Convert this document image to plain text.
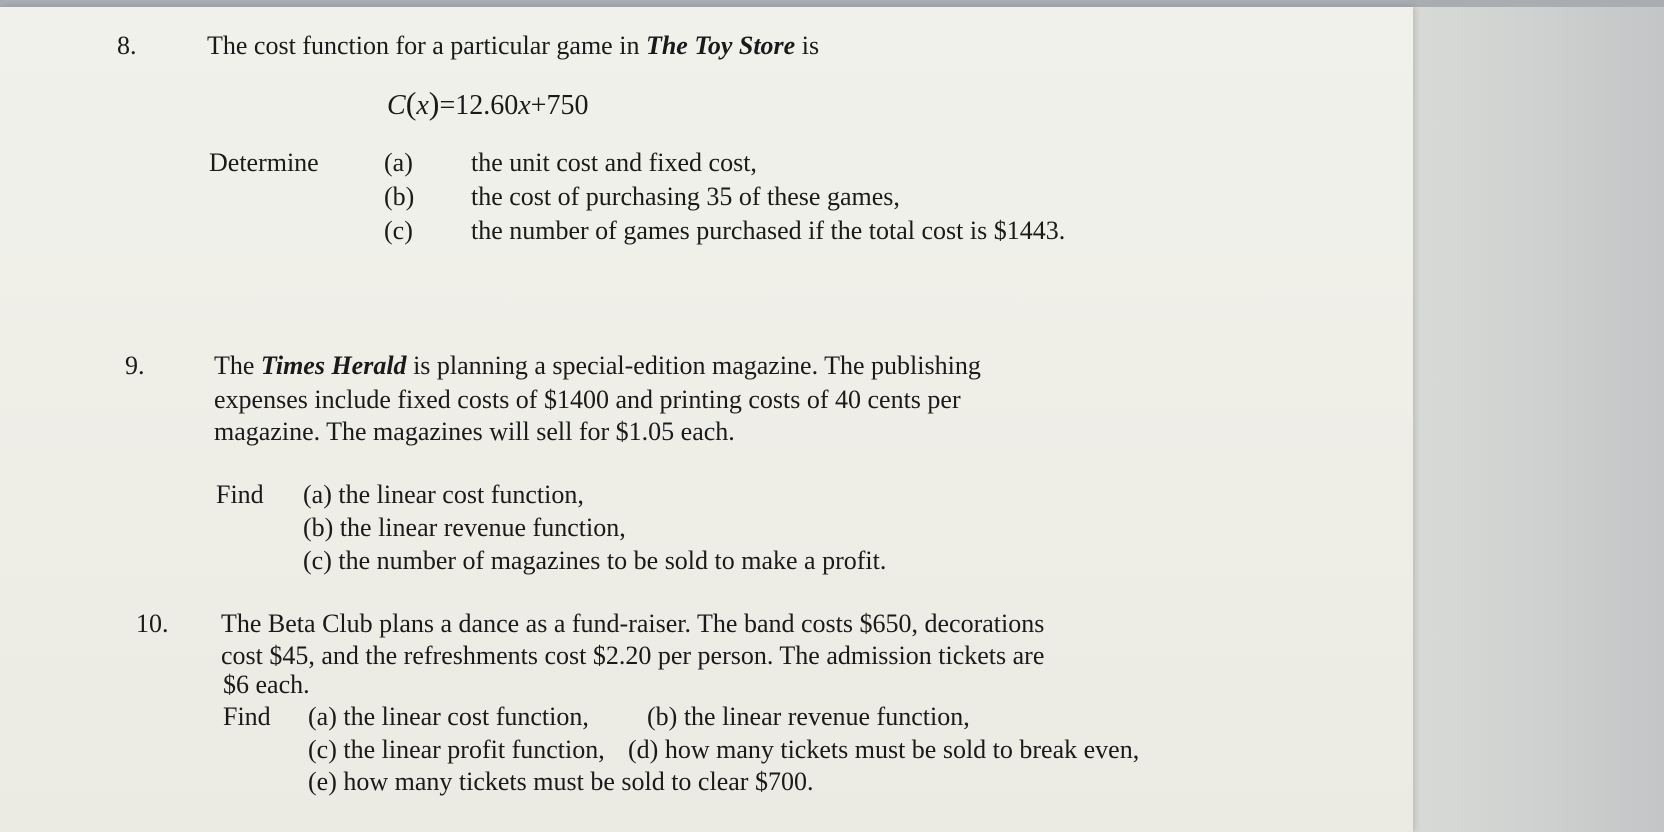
8.	The cost function for a particular game in The Toy Store is

C(x)=12.60x+750

Determine	(a) the unit cost and fixed cost,

(b) the cost of purchasing 35 of these games,

(c) the number of games purchased if the total cost is $1443.

9.	The Times Herald is planning a special-edition magazine. The publishing

expenses include fixed costs of $1400 and printing costs of 40 cents per

magazine. The magazines will sell for $1.05 each.

Find (a) the linear cost function,

(b) the linear revenue function,

(c) the number of magazines to be sold to make a profit.

10. The Beta Club plans a dance as a fund-raiser. The band costs $650, decorations

cost $45, and the refreshments cost $2.20 per person. The admission tickets are

$6 each.

Find (a) the linear cost function, (b) the linear revenue function,

(c) the linear profit function, (d) how many tickets must be sold to break even,

(e) how many tickets must be sold to clear $700.
